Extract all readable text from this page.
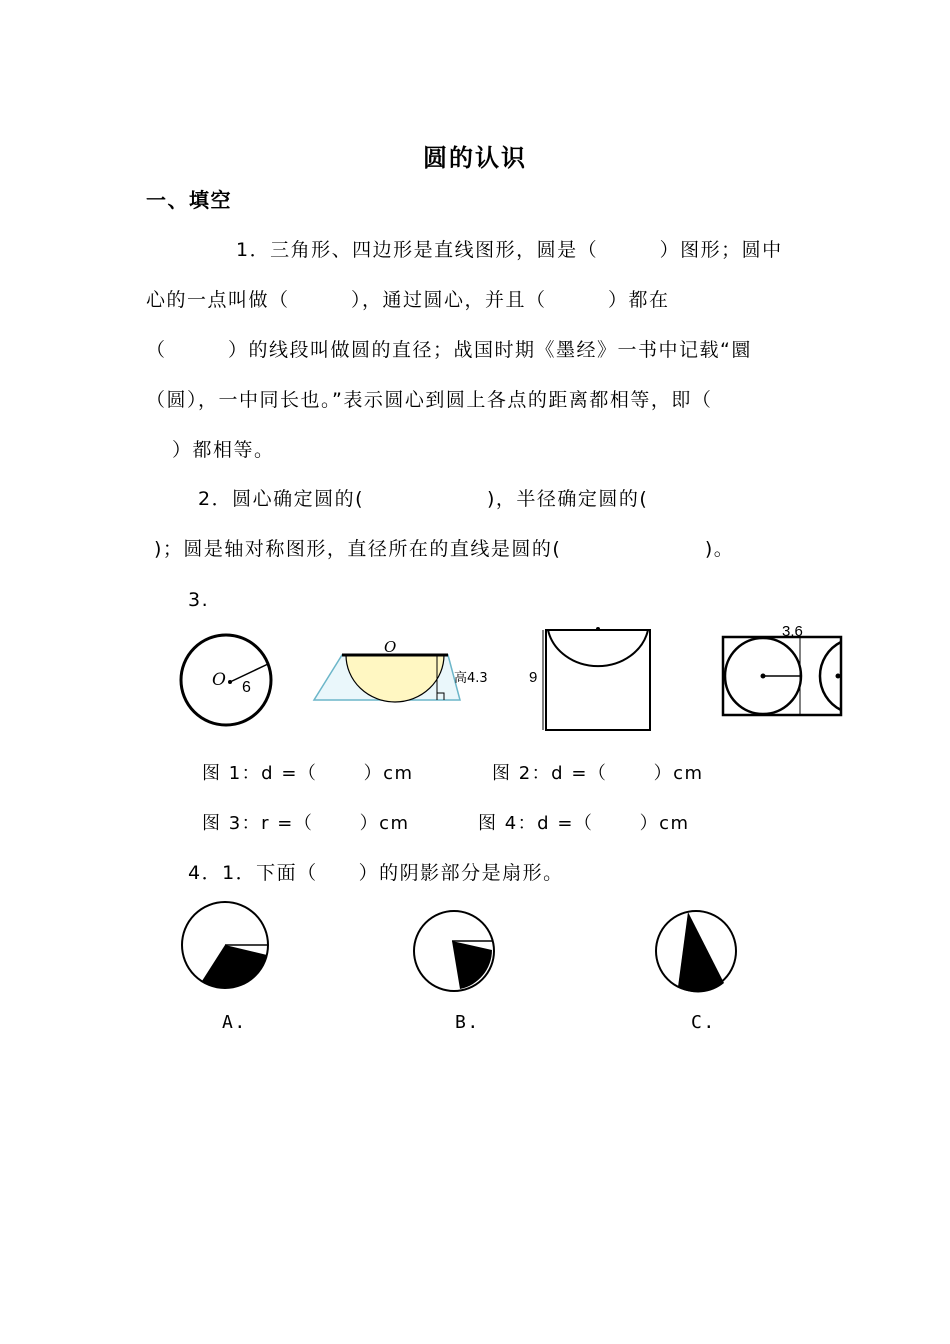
圆的认识
一、填空
1．三角形、四边形是直线图形，圆是（　　　）图形；圆中
心的一点叫做（　　　），通过圆心，并且（　　　）都在
（　　　）的线段叫做圆的直径；战国时期《墨经》一书中记载“圜
（圆），一中同长也。”表示圆心到圆上各点的距离都相等，即（
）都相等。
2．圆心确定圆的(　　　　　　)，半径确定圆的(
)；圆是轴对称图形，直径所在的直线是圆的(　　　　　　　)。
3.
O 6
O
高4.3	9
3.6
图 1：d =（　　 ）cm	图 2：d =（　　 ）cm
图 3：r =（　　 ）cm	图 4：d =（　　 ）cm
4．1．下面（　　）的阴影部分是扇形。
A.	B.	C.
